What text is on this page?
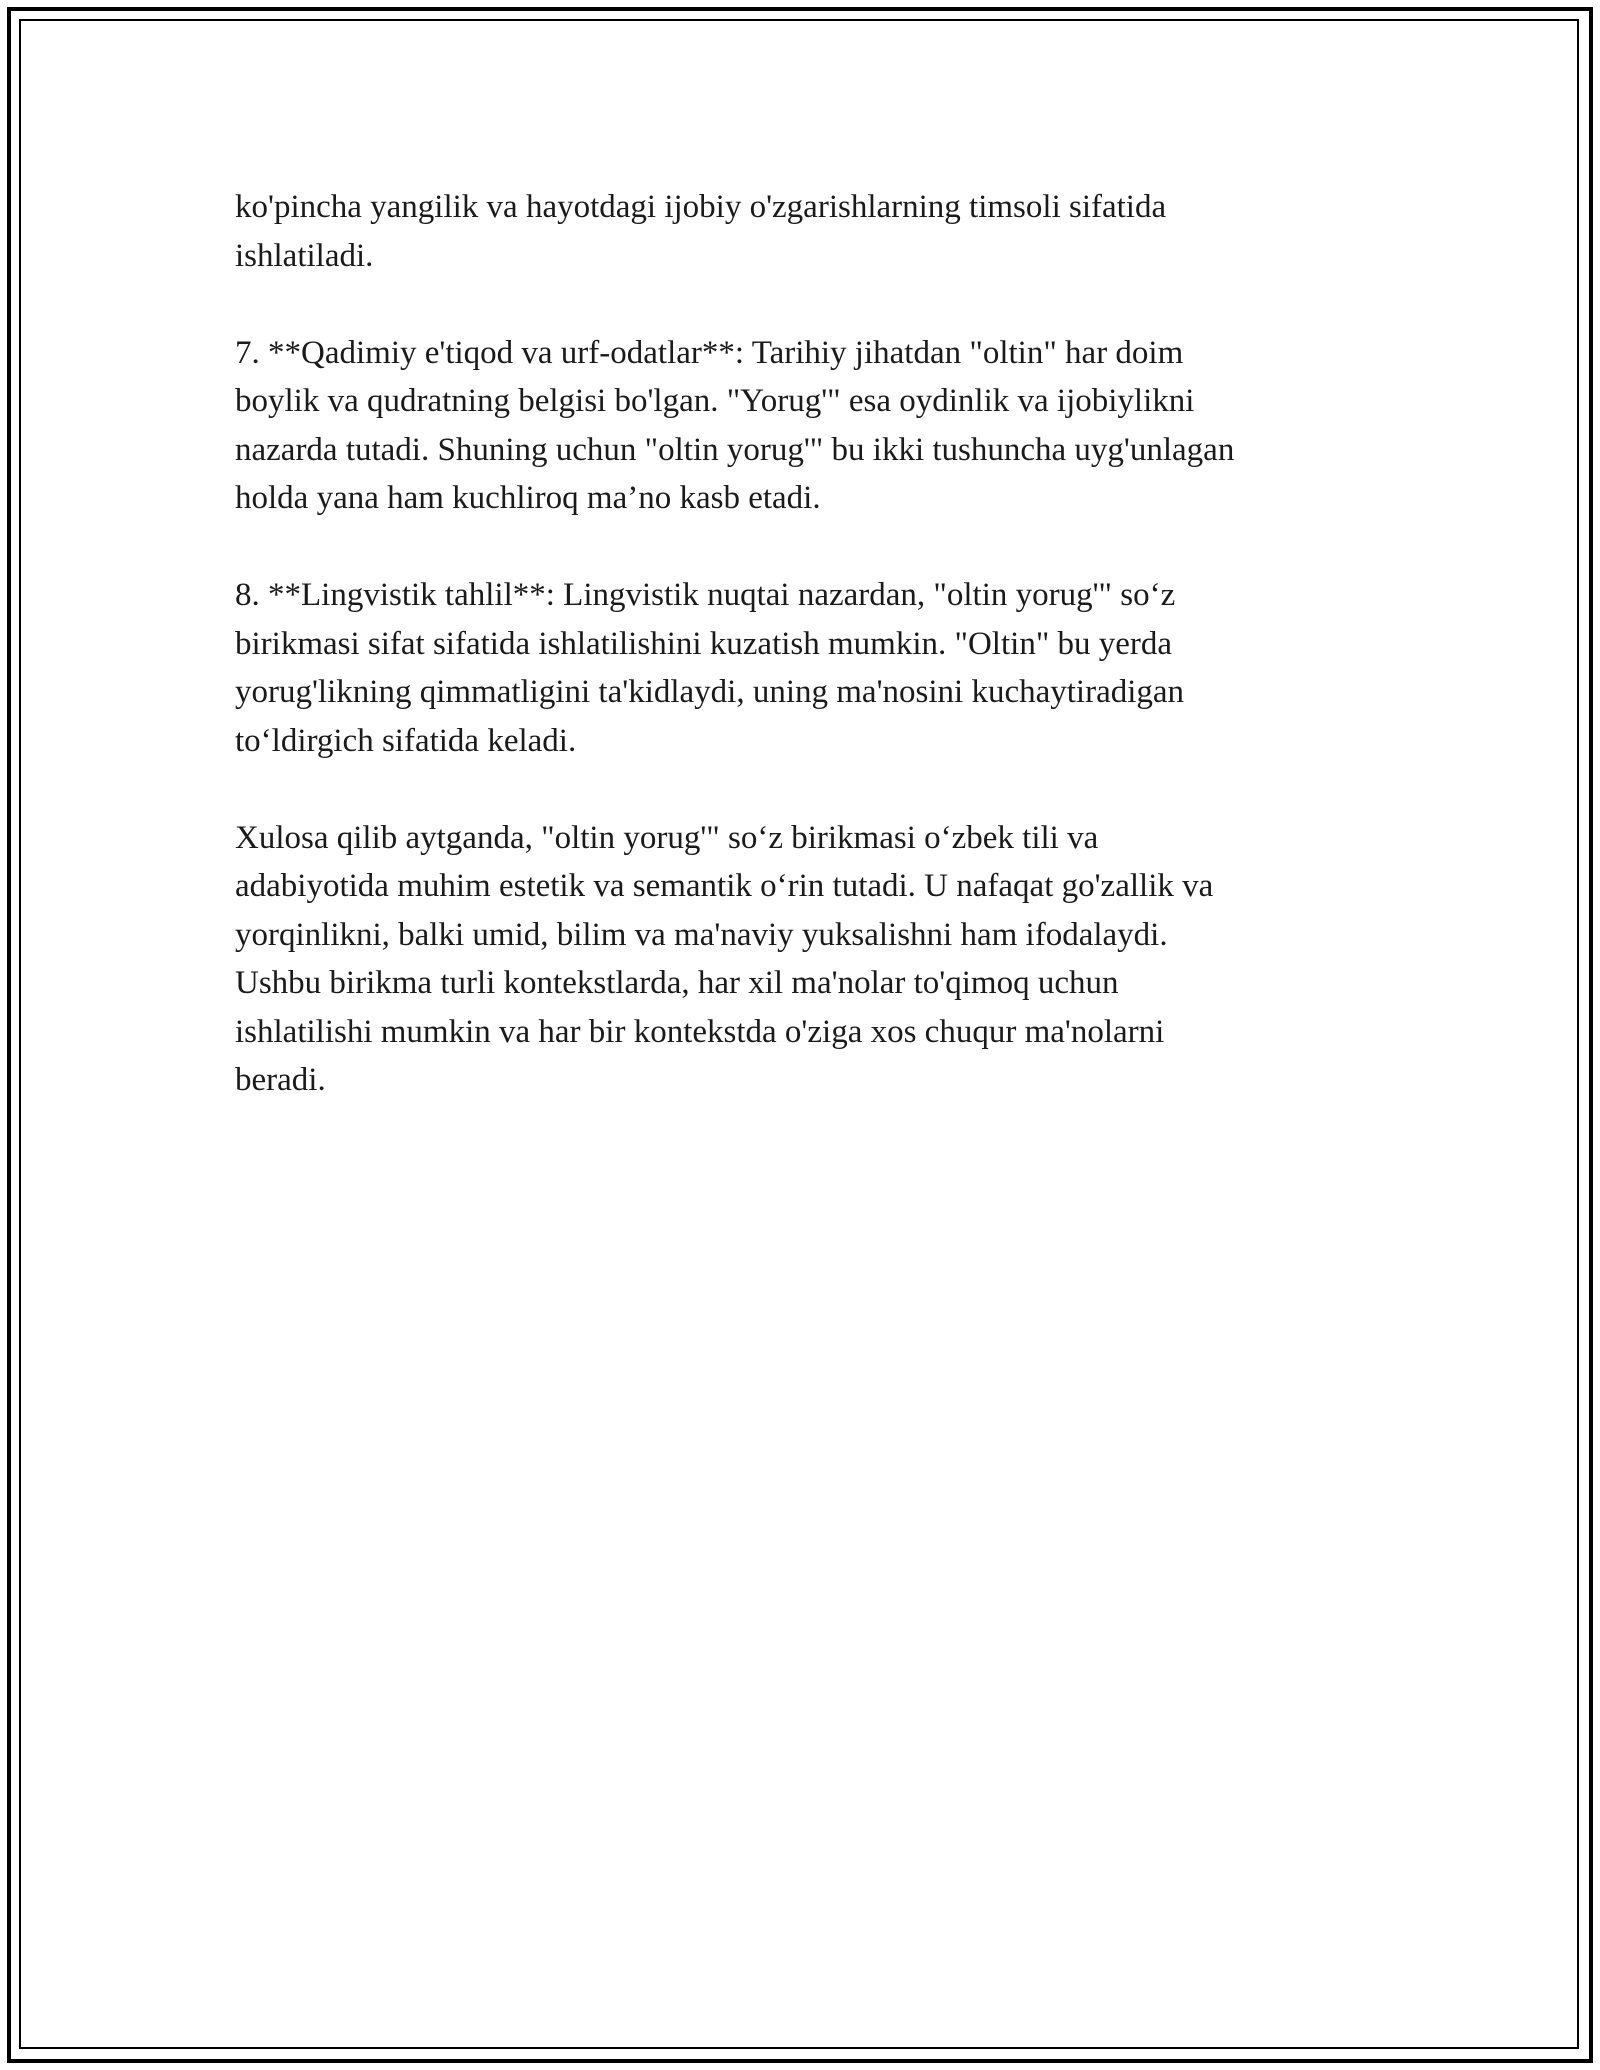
ko'pincha yangilik va hayotdagi ijobiy o'zgarishlarning timsoli sifatida
ishlatiladi.

7. **Qadimiy e'tiqod va urf-odatlar**: Tarihiy jihatdan "oltin" har doim
boylik va qudratning belgisi bo'lgan. "Yorug'" esa oydinlik va ijobiylikni
nazarda tutadi. Shuning uchun "oltin yorug'" bu ikki tushuncha uyg'unlagan
holda yana ham kuchliroq ma’no kasb etadi.

8. **Lingvistik tahlil**: Lingvistik nuqtai nazardan, "oltin yorug'" so‘z
birikmasi sifat sifatida ishlatilishini kuzatish mumkin. "Oltin" bu yerda
yorug'likning qimmatligini ta'kidlaydi, uning ma'nosini kuchaytiradigan
to‘ldirgich sifatida keladi.

Xulosa qilib aytganda, "oltin yorug'" so‘z birikmasi o‘zbek tili va
adabiyotida muhim estetik va semantik o‘rin tutadi. U nafaqat go'zallik va
yorqinlikni, balki umid, bilim va ma'naviy yuksalishni ham ifodalaydi.
Ushbu birikma turli kontekstlarda, har xil ma'nolar to'qimoq uchun
ishlatilishi mumkin va har bir kontekstda o'ziga xos chuqur ma'nolarni
beradi.
